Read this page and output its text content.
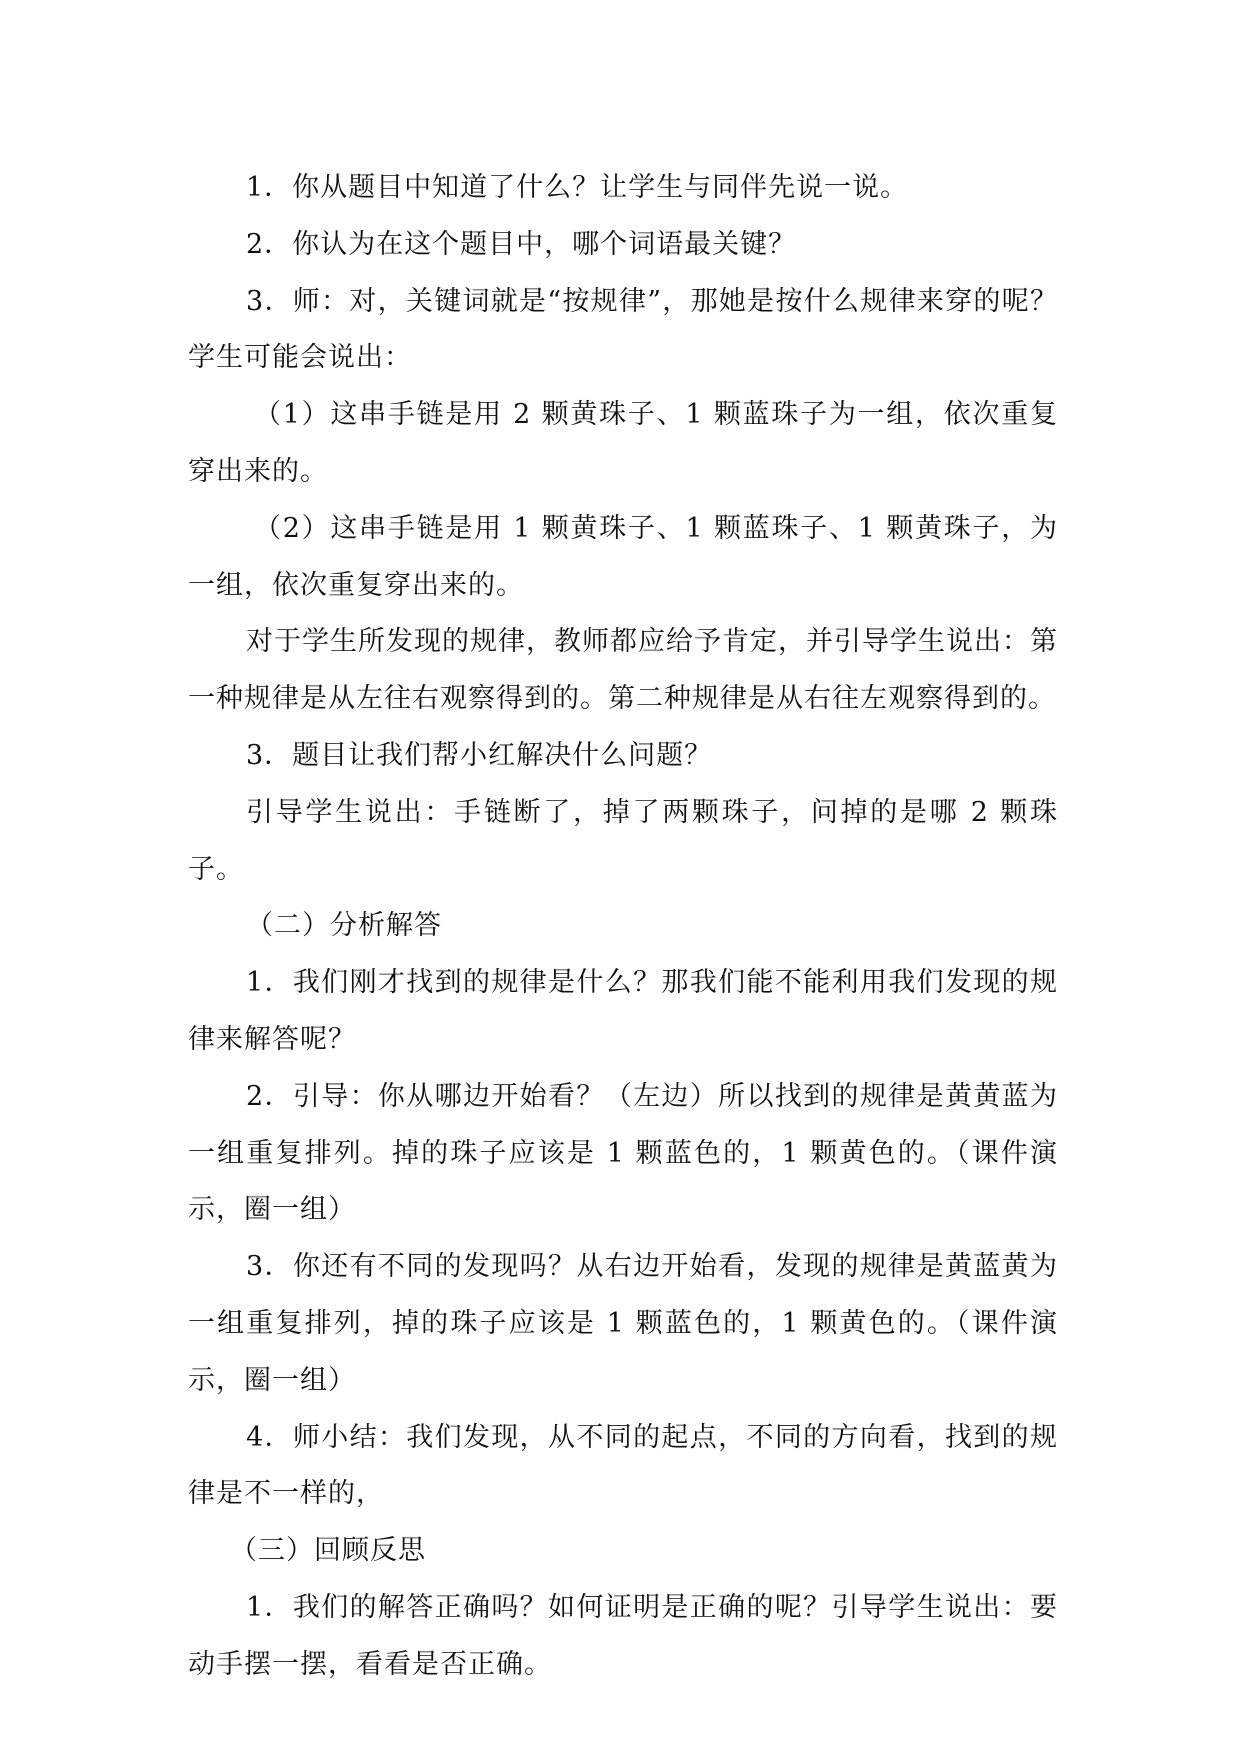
1．你从题目中知道了什么？让学生与同伴先说一说。

2．你认为在这个题目中，哪个词语最关键？

3．师：对，关键词就是“按规律”，那她是按什么规律来穿的呢？学生可能会说出：

（1）这串手链是用 2 颗黄珠子、1 颗蓝珠子为一组，依次重复穿出来的。

（2）这串手链是用 1 颗黄珠子、1 颗蓝珠子、1 颗黄珠子，为一组，依次重复穿出来的。

对于学生所发现的规律，教师都应给予肯定，并引导学生说出：第一种规律是从左往右观察得到的。第二种规律是从右往左观察得到的。

3．题目让我们帮小红解决什么问题？

引导学生说出：手链断了，掉了两颗珠子，问掉的是哪 2 颗珠子。

（二）分析解答

1．我们刚才找到的规律是什么？那我们能不能利用我们发现的规律来解答呢？

2．引导：你从哪边开始看？（左边）所以找到的规律是黄黄蓝为一组重复排列。掉的珠子应该是 1 颗蓝色的，1 颗黄色的。（课件演示，圈一组）

3．你还有不同的发现吗？从右边开始看，发现的规律是黄蓝黄为一组重复排列，掉的珠子应该是 1 颗蓝色的，1 颗黄色的。（课件演示，圈一组）

4．师小结：我们发现，从不同的起点，不同的方向看，找到的规律是不一样的，

（三）回顾反思

1．我们的解答正确吗？如何证明是正确的呢？引导学生说出：要动手摆一摆，看看是否正确。
